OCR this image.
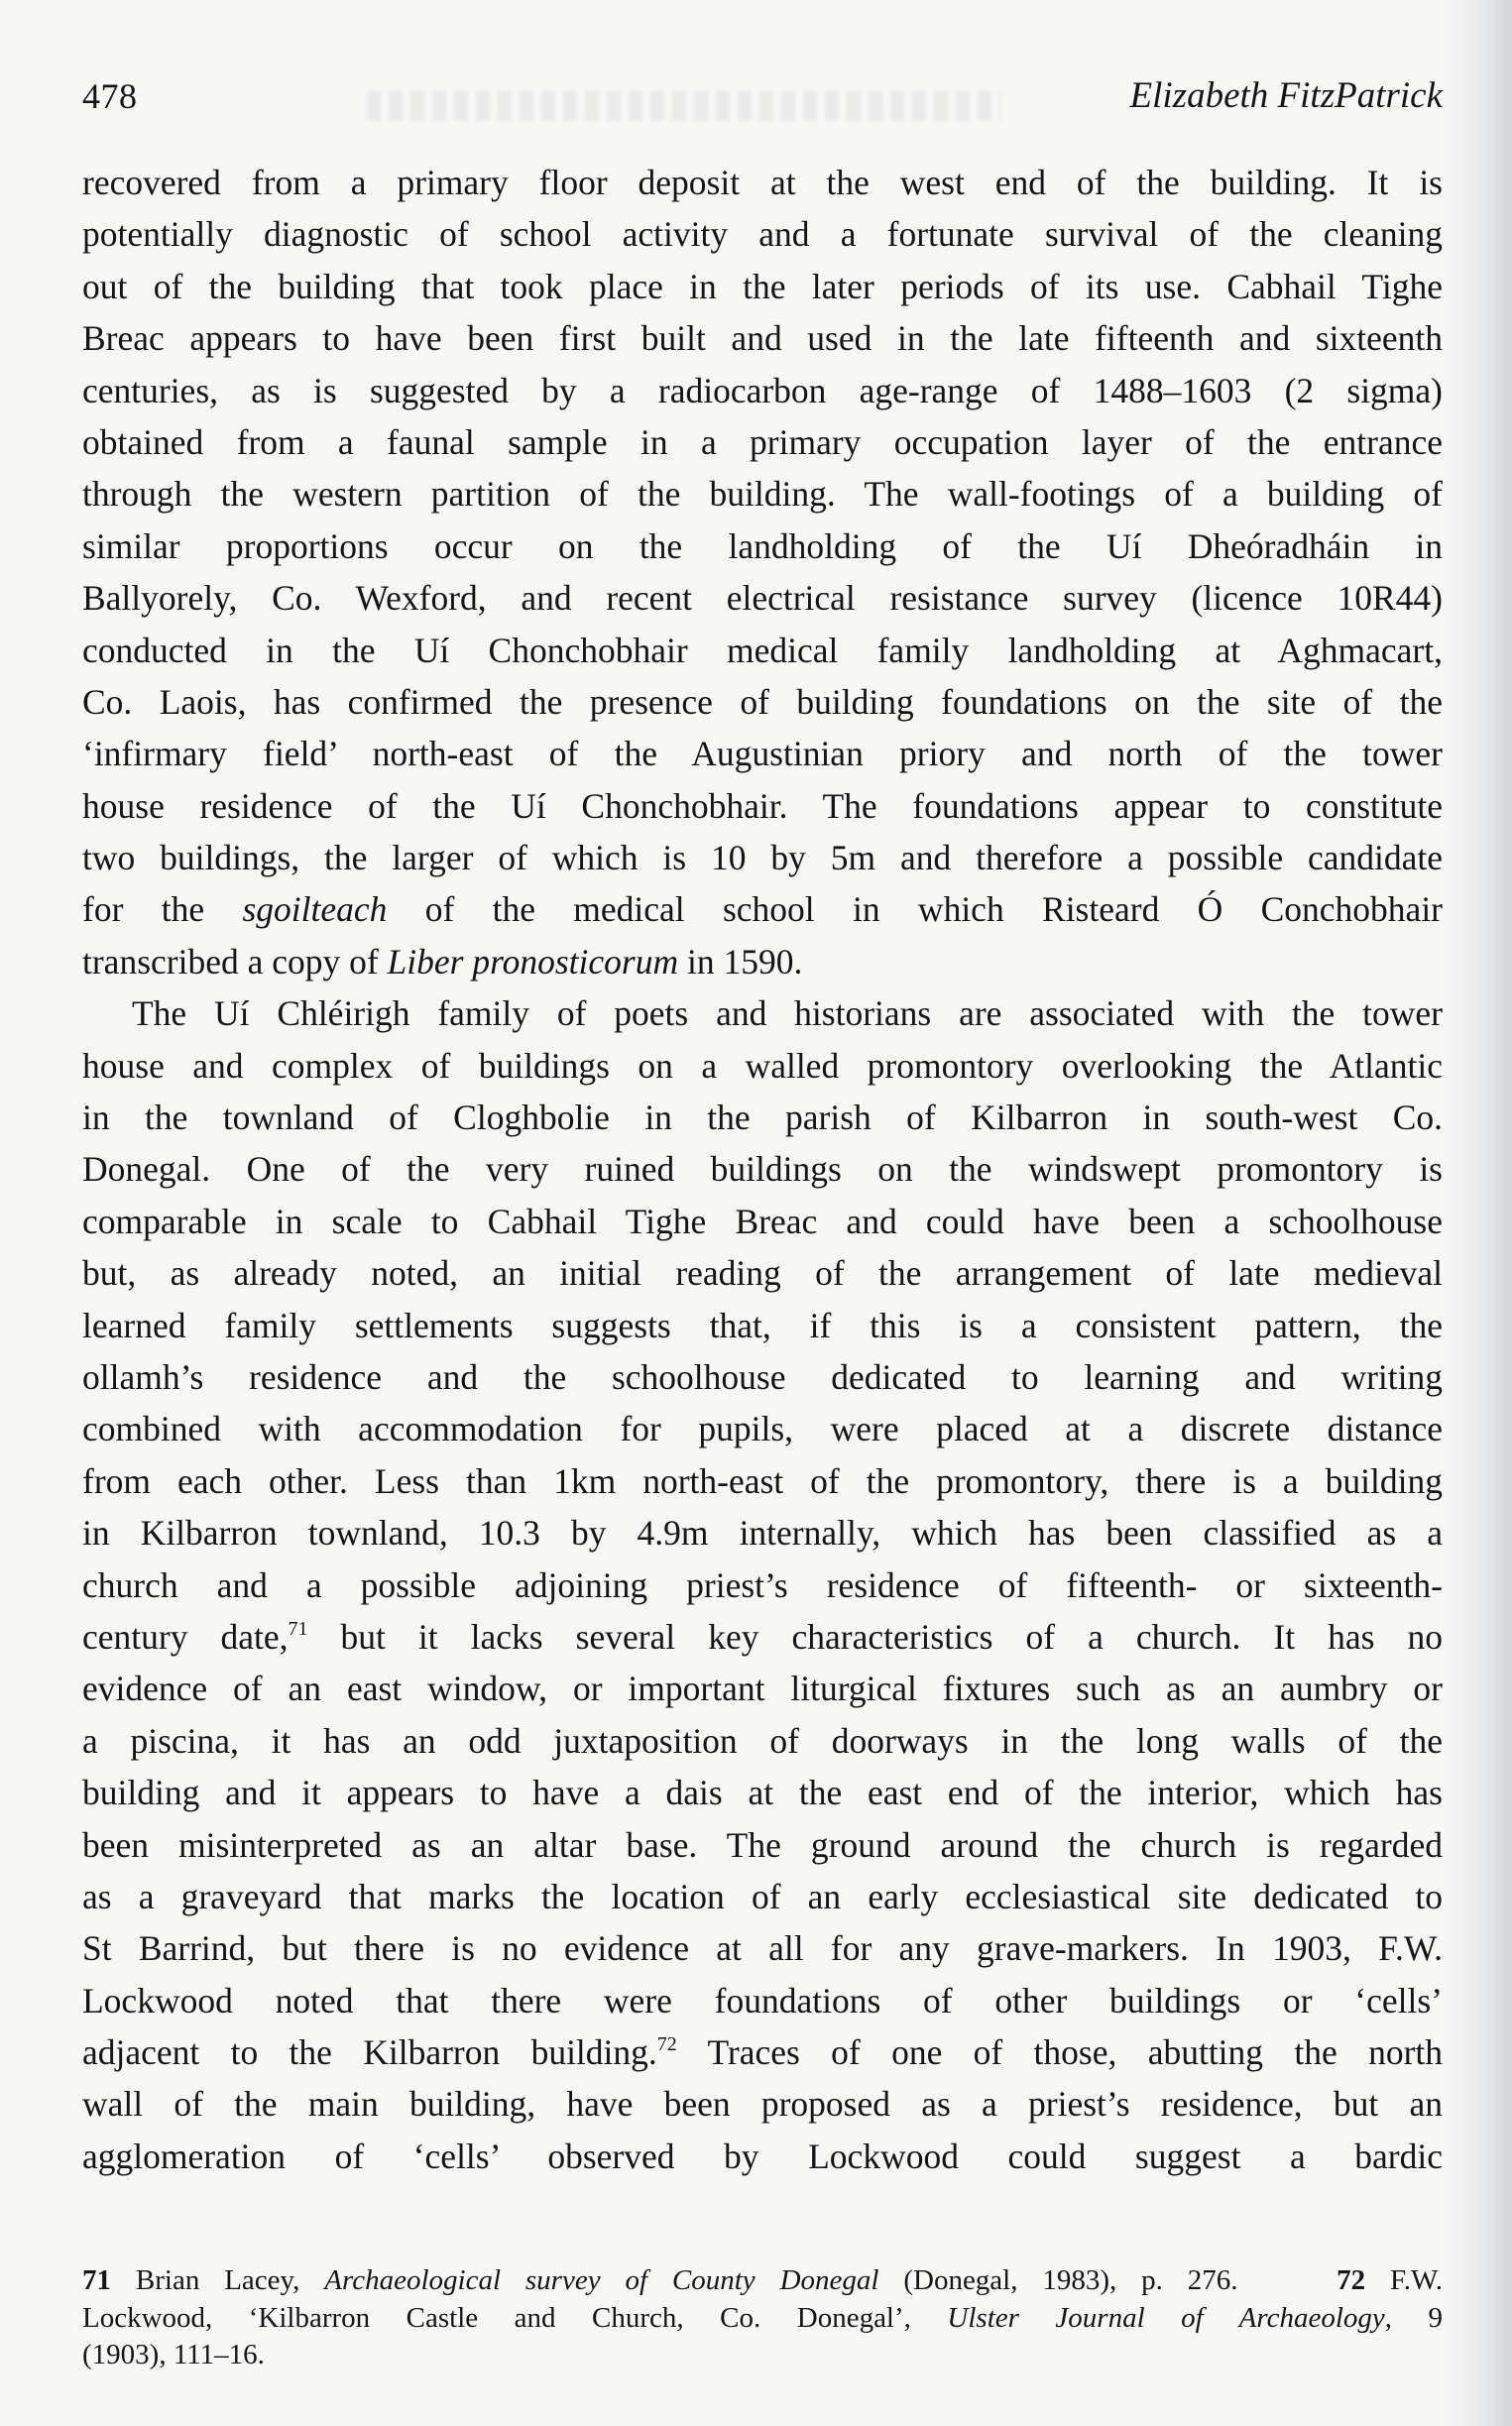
478	Elizabeth FitzPatrick
recovered from a primary floor deposit at the west end of the building. It is
potentially diagnostic of school activity and a fortunate survival of the cleaning
out of the building that took place in the later periods of its use. Cabhail Tighe
Breac appears to have been first built and used in the late fifteenth and sixteenth
centuries, as is suggested by a radiocarbon age-range of 1488–1603 (2 sigma)
obtained from a faunal sample in a primary occupation layer of the entrance
through the western partition of the building. The wall-footings of a building of
similar proportions occur on the landholding of the Uí Dheóradháin in
Ballyorely, Co. Wexford, and recent electrical resistance survey (licence 10R44)
conducted in the Uí Chonchobhair medical family landholding at Aghmacart,
Co. Laois, has confirmed the presence of building foundations on the site of the
‘infirmary field’ north-east of the Augustinian priory and north of the tower
house residence of the Uí Chonchobhair. The foundations appear to constitute
two buildings, the larger of which is 10 by 5m and therefore a possible candidate
for the sgoilteach of the medical school in which Risteard Ó Conchobhair
transcribed a copy of Liber pronosticorum in 1590.
The Uí Chléirigh family of poets and historians are associated with the tower
house and complex of buildings on a walled promontory overlooking the Atlantic
in the townland of Cloghbolie in the parish of Kilbarron in south-west Co.
Donegal. One of the very ruined buildings on the windswept promontory is
comparable in scale to Cabhail Tighe Breac and could have been a schoolhouse
but, as already noted, an initial reading of the arrangement of late medieval
learned family settlements suggests that, if this is a consistent pattern, the
ollamh’s residence and the schoolhouse dedicated to learning and writing
combined with accommodation for pupils, were placed at a discrete distance
from each other. Less than 1km north-east of the promontory, there is a building
in Kilbarron townland, 10.3 by 4.9m internally, which has been classified as a
church and a possible adjoining priest’s residence of fifteenth- or sixteenth-
century date,$^{71}$ but it lacks several key characteristics of a church. It has no
evidence of an east window, or important liturgical fixtures such as an aumbry or
a piscina, it has an odd juxtaposition of doorways in the long walls of the
building and it appears to have a dais at the east end of the interior, which has
been misinterpreted as an altar base. The ground around the church is regarded
as a graveyard that marks the location of an early ecclesiastical site dedicated to
St Barrind, but there is no evidence at all for any grave-markers. In 1903, F.W.
Lockwood noted that there were foundations of other buildings or ‘cells’
adjacent to the Kilbarron building.$^{72}$ Traces of one of those, abutting the north
wall of the main building, have been proposed as a priest’s residence, but an
agglomeration of ‘cells’ observed by Lockwood could suggest a bardic
71 Brian Lacey, Archaeological survey of County Donegal (Donegal, 1983), p. 276.	72 F.W.
Lockwood, ‘Kilbarron Castle and Church, Co. Donegal’, Ulster Journal of Archaeology, 9
(1903), 111–16.
